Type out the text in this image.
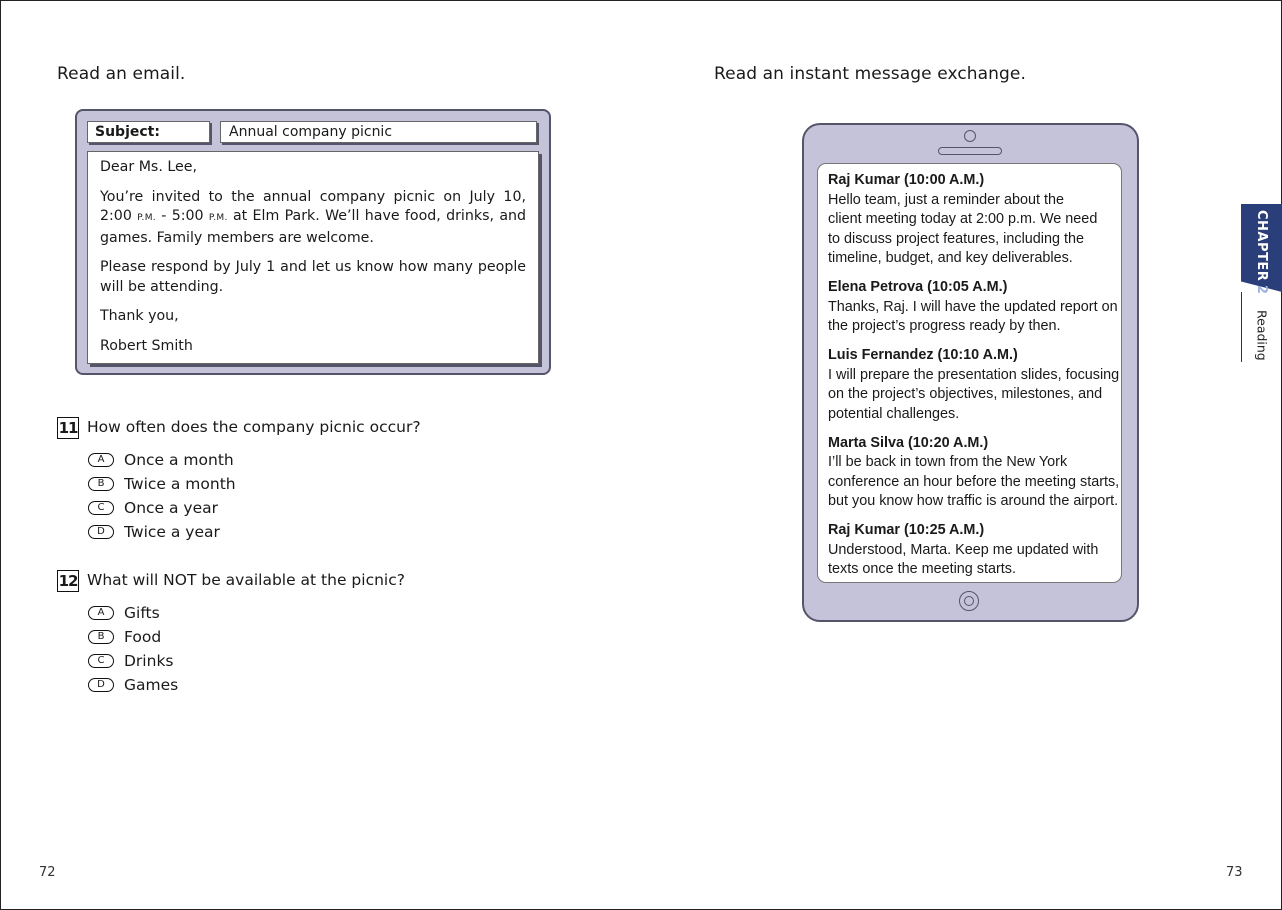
Read an email.
Subject:	Annual company picnic

Dear Ms. Lee,

You’re invited to the annual company picnic on July 10, 2:00 P.M. - 5:00 P.M. at Elm Park. We’ll have food, drinks, and games. Family members are welcome.

Please respond by July 1 and let us know how many people will be attending.

Thank you,

Robert Smith

11 How often does the company picnic occur?
A	Once a month
B	Twice a month
C	Once a year
D	Twice a year
12 What will NOT be available at the picnic?
A	Gifts
B	Food
C	Drinks
D	Games
72
Read an instant message exchange.
Raj Kumar (10:00 A.M.)
Hello team, just a reminder about the
client meeting today at 2:00 p.m. We need
to discuss project features, including the
timeline, budget, and key deliverables.
Elena Petrova (10:05 A.M.)
Thanks, Raj. I will have the updated report on
the project’s progress ready by then.
Luis Fernandez (10:10 A.M.)
I will prepare the presentation slides, focusing
on the project’s objectives, milestones, and
potential challenges.
Marta Silva (10:20 A.M.)
I’ll be back in town from the New York
conference an hour before the meeting starts,
but you know how traffic is around the airport.
Raj Kumar (10:25 A.M.)
Understood, Marta. Keep me updated with
texts once the meeting starts.
CHAPTER
2
Reading
73
